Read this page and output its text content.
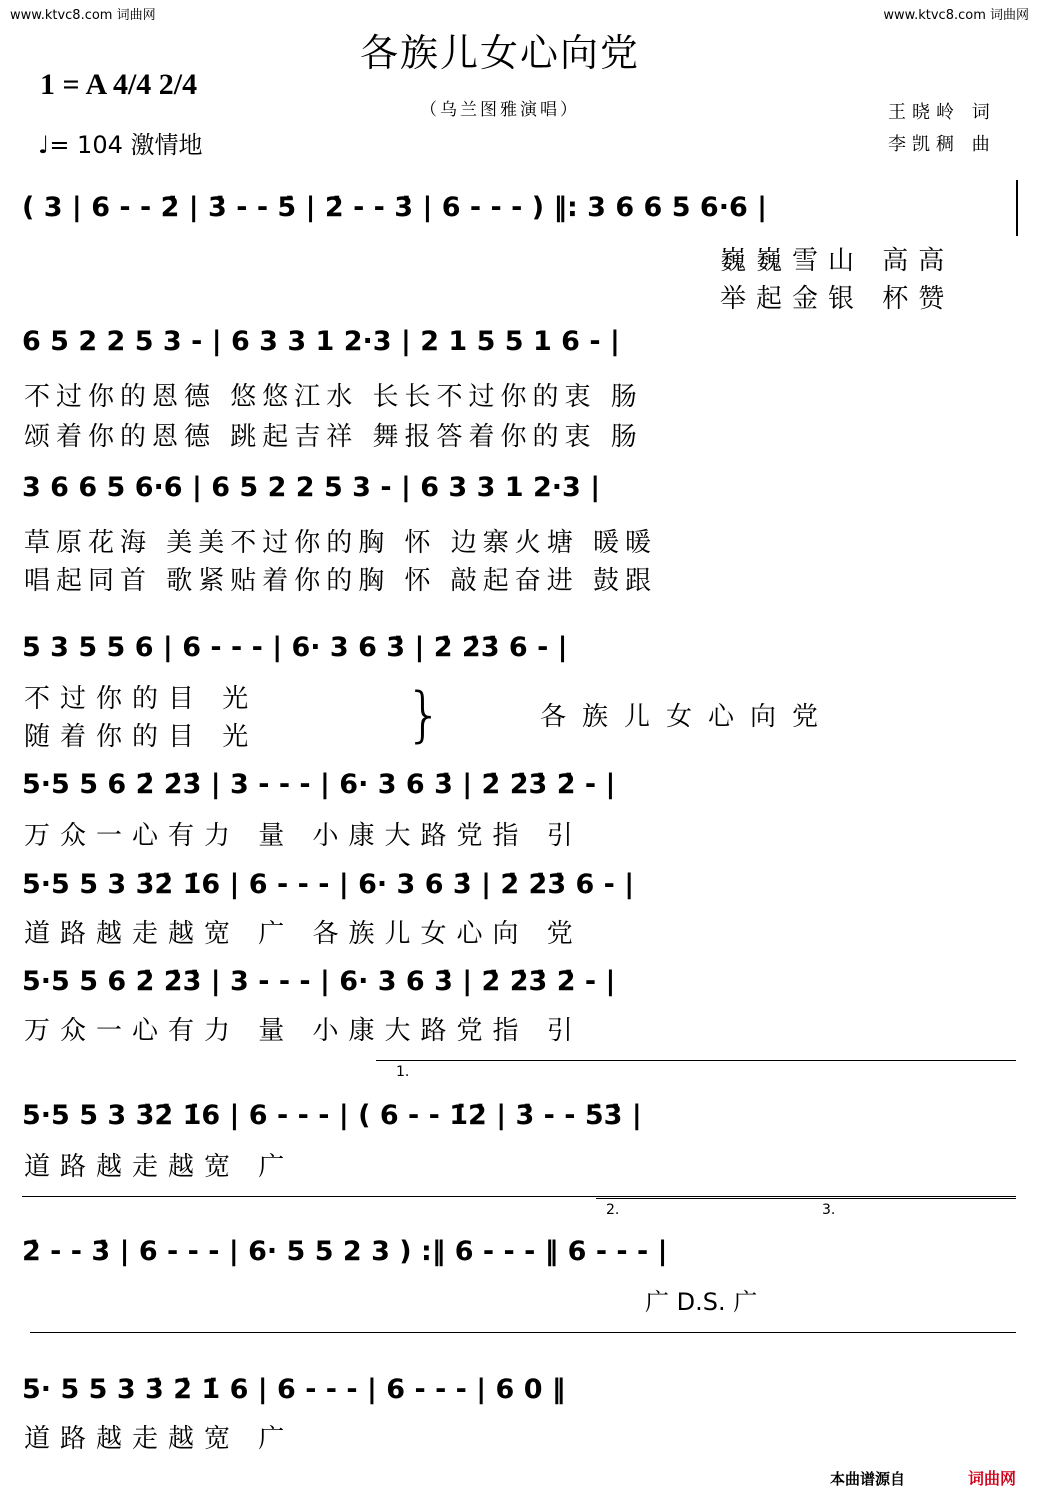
www.ktvc8.com 词曲网	www.ktvc8.com 词曲网
各族儿女心向党
（乌兰图雅演唱）
1 = A 4/4 2/4
♩= 104 激情地
王晓岭 词
李凯稠 曲
( 3 | 6 - - 2̇ | 3̇ - - 5̇ | 2̇ - - 3̇ | 6 - - - ) ‖: 3 6 6 5 6·6 |
巍巍雪山 高高
举起金银 杯赞
6 5 2 2 5 3 - | 6 3 3 1 2·3 | 2 1 5 5 1 6 - |
不过你的恩德 悠悠江水 长长不过你的衷 肠
颂着你的恩德 跳起吉祥 舞报答着你的衷 肠
3 6 6 5 6·6 | 6 5 2 2 5 3 - | 6 3 3 1 2·3 |
草原花海 美美不过你的胸 怀 边寨火塘 暖暖
唱起同首 歌紧贴着你的胸 怀 敲起奋进 鼓跟
5 3 5 5 6 | 6 - - - | 6· 3 6 3̇ | 2̇ 2̇3̇ 6 - |
不过你的目 光
随着你的目 光 }	各族儿女心向党
5·5 5 6 2̇ 2̇3̇ | 3 - - - | 6· 3 6 3̇ | 2̇ 2̇3̇ 2̇ - |
万众一心有力 量 小康大路党指 引
5·5 5 3 3̇2̇ 1̇6 | 6 - - - | 6· 3 6 3̇ | 2̇ 2̇3̇ 6 - |
道路越走越宽 广 各族儿女心向 党
5·5 5 6 2̇ 2̇3̇ | 3 - - - | 6· 3 6 3̇ | 2̇ 2̇3̇ 2̇ - |
万众一心有力 量 小康大路党指 引
1.
5·5 5 3 3̇2̇ 1̇6 | 6 - - - | ( 6 - - 1̇2̇ | 3̇ - - 5̇3̇ |
道路越走越宽 广
2.	3.
2̇ - - 3̇ | 6 - - - | 6· 5 5 2 3 ) :‖ 6 - - - ‖ 6 - - - |
广 D.S. 广
5· 5 5 3 3̇ 2̇ 1̇ 6 | 6 - - - | 6 - - - | 6 0 ‖
道路越走越宽 广
本曲谱源自	词曲网
